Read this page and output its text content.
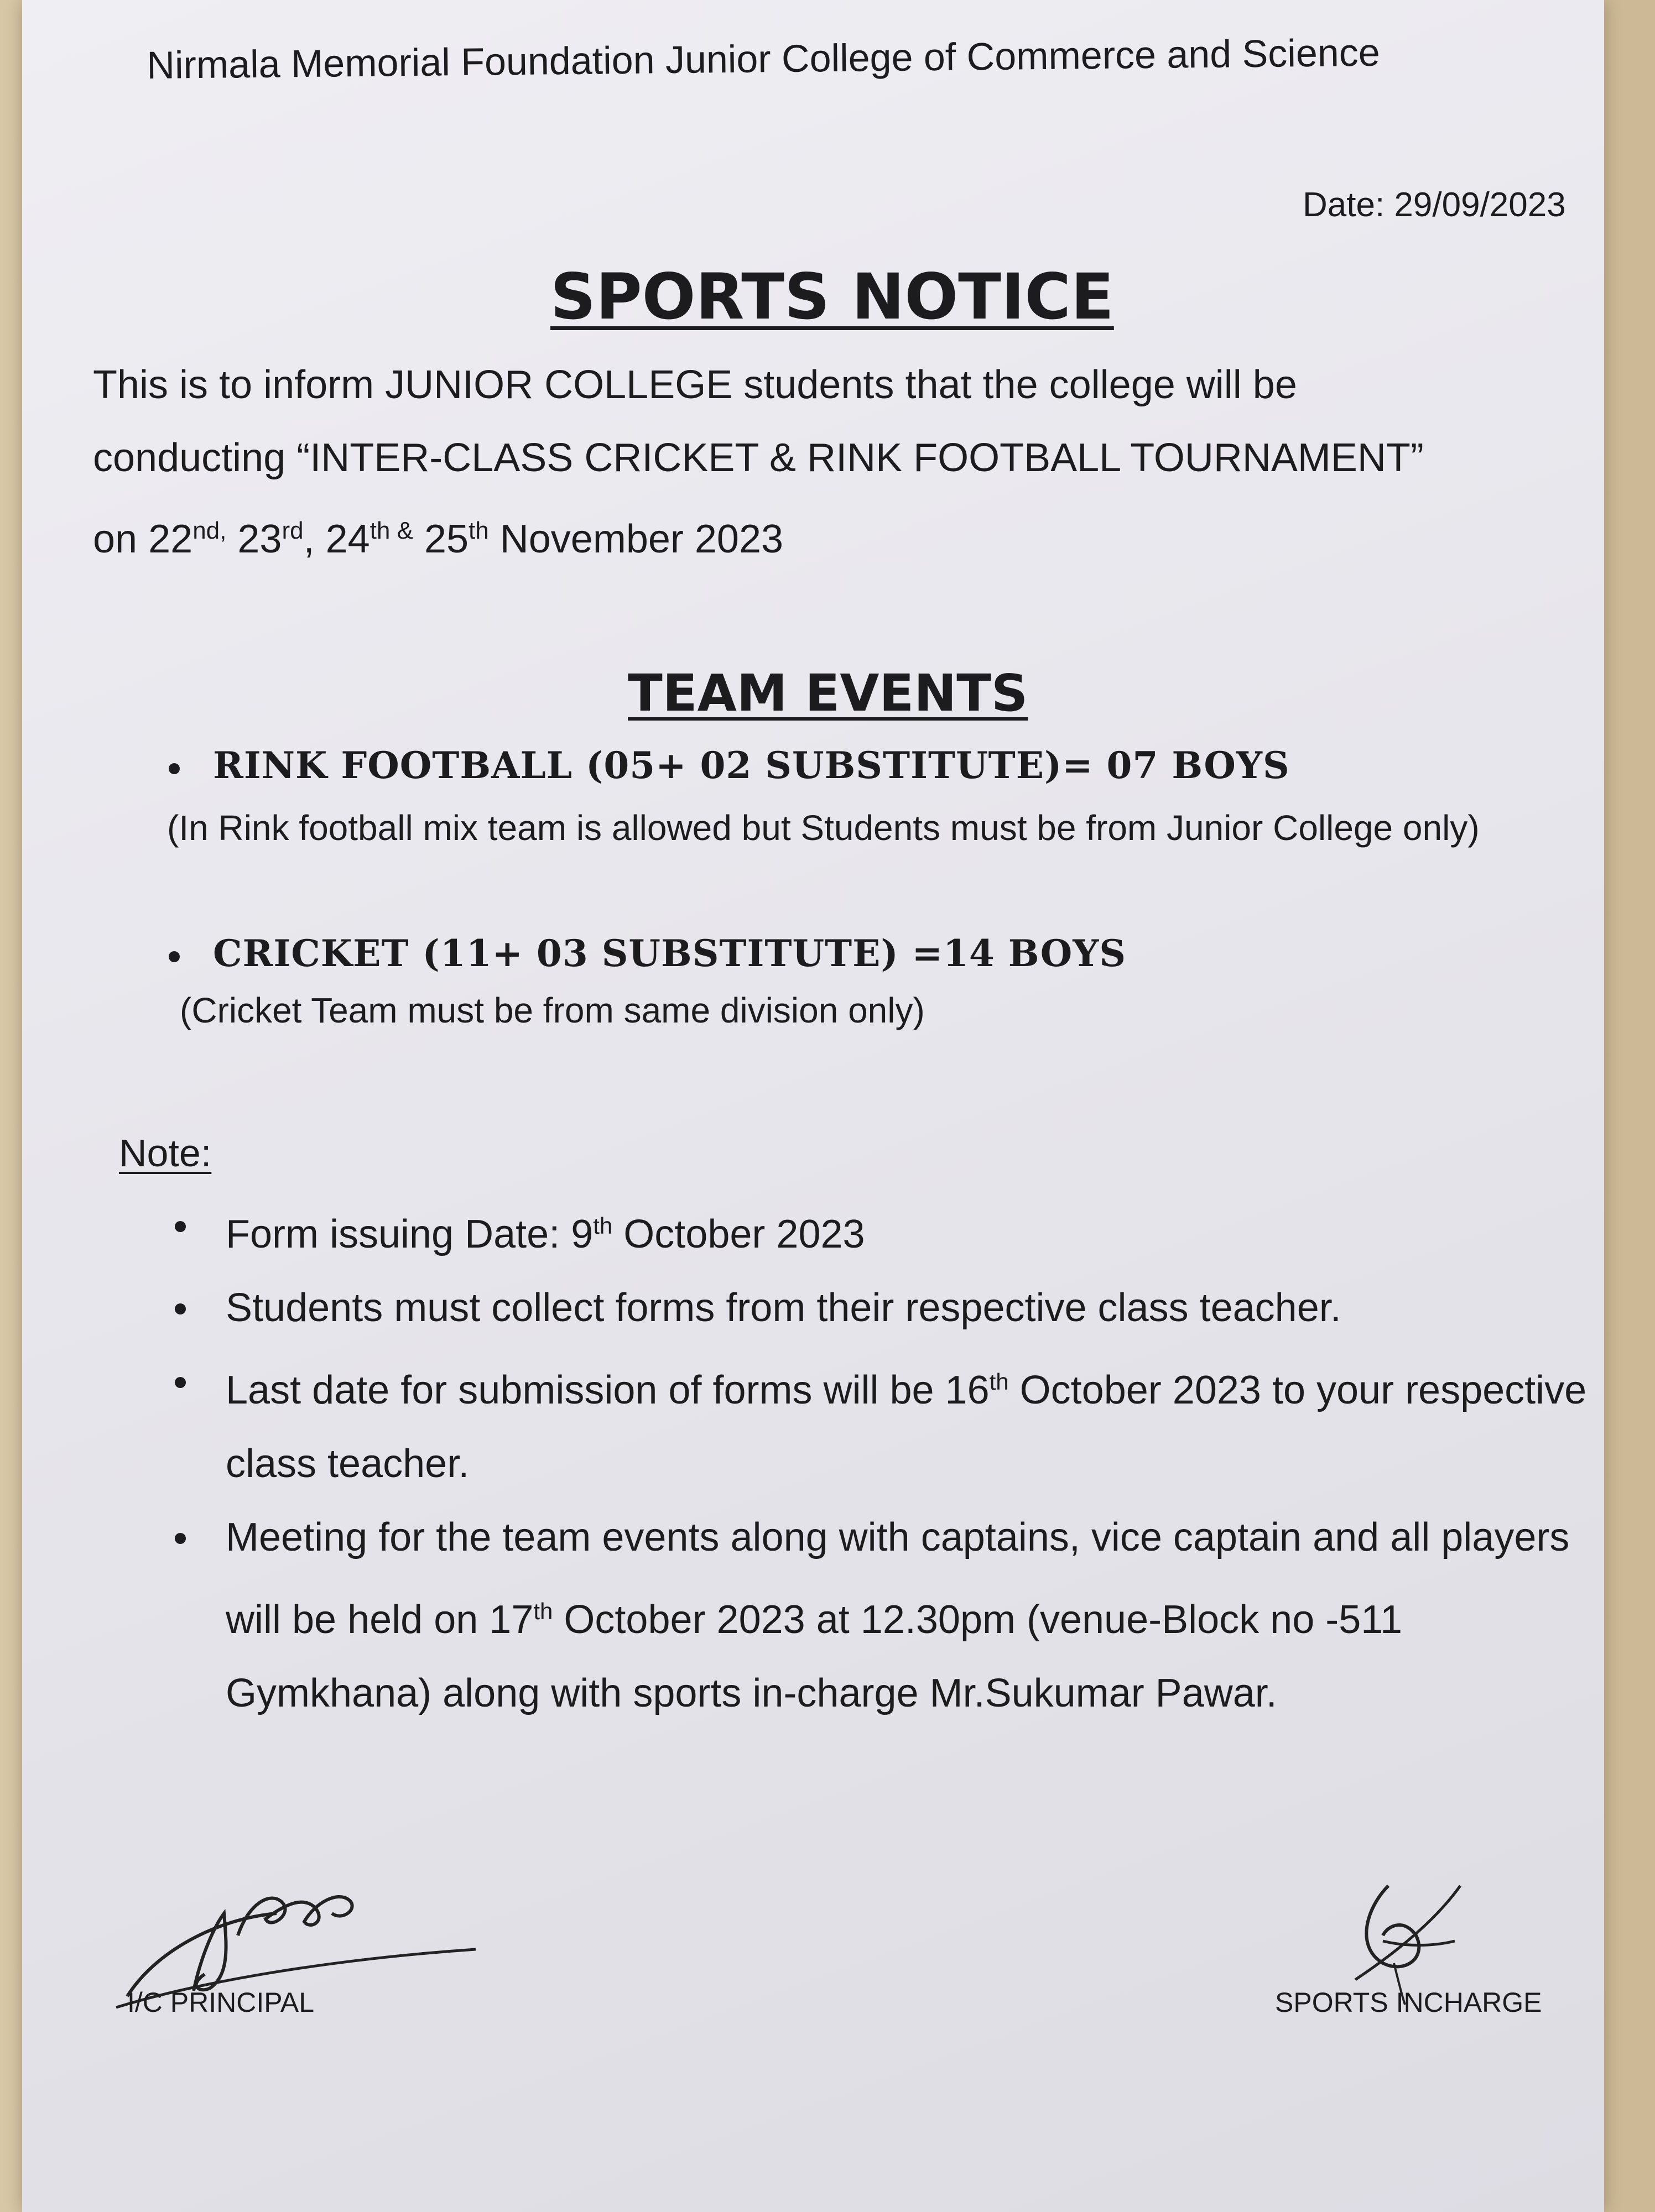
Nirmala Memorial Foundation Junior College of Commerce and Science
Date: 29/09/2023
SPORTS NOTICE
This is to inform JUNIOR COLLEGE students that the college will be
conducting “INTER-CLASS CRICKET & RINK FOOTBALL TOURNAMENT”
on $22^{nd,}$ 23rd, $24^{th \&}$ 25th November 2023
TEAM EVENTS
RINK FOOTBALL (05+ 02 SUBSTITUTE)= 07 BOYS
(In Rink football mix team is allowed but Students must be from Junior College only)
CRICKET (11+ 03 SUBSTITUTE) =14 BOYS
(Cricket Team must be from same division only)
Note:
Form issuing Date: 9th October 2023
Students must collect forms from their respective class teacher.
Last date for submission of forms will be 16th October 2023 to your respective class teacher.
Meeting for the team events along with captains, vice captain and all players will be held on 17th October 2023 at 12.30pm (venue-Block no -511 Gymkhana) along with sports in-charge Mr.Sukumar Pawar.
I/C PRINCIPAL	SPORTS INCHARGE
